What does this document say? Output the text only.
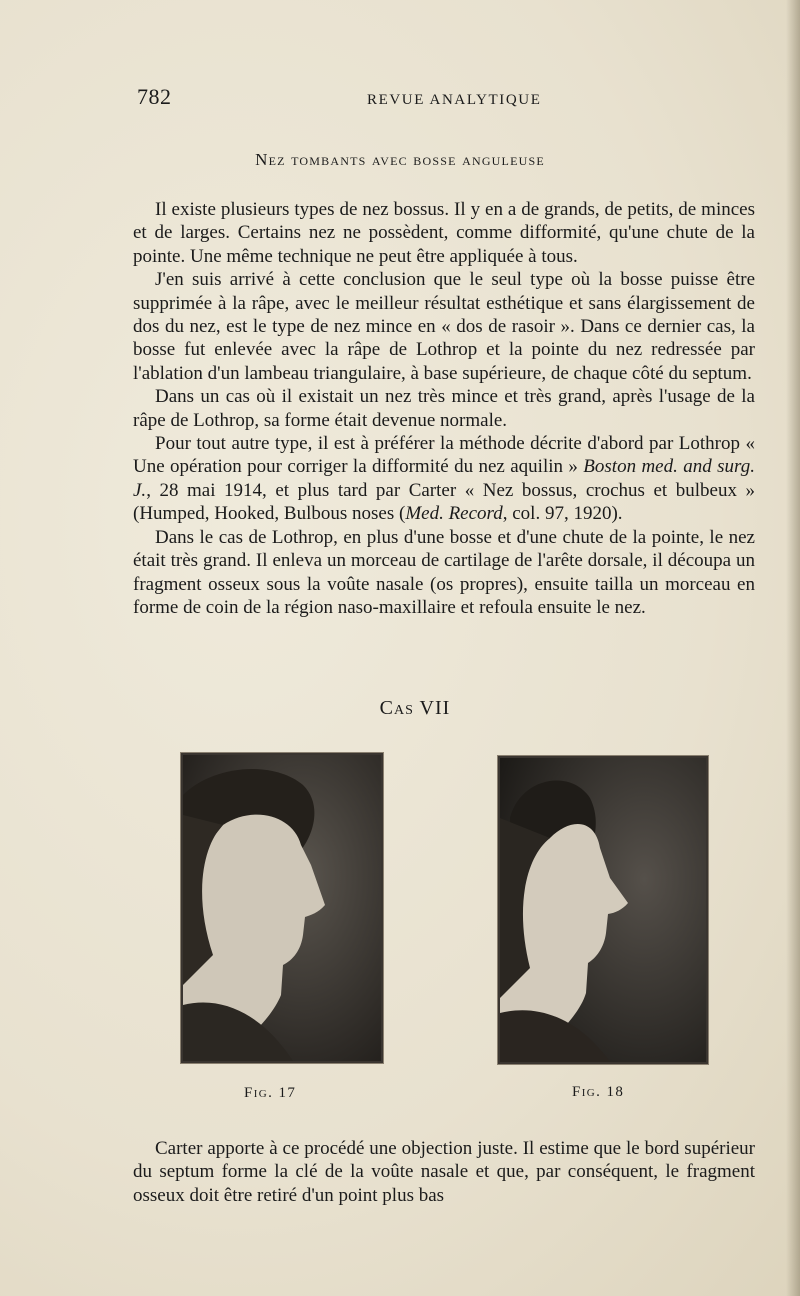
782	REVUE ANALYTIQUE
Nez tombants avec bosse anguleuse

Il existe plusieurs types de nez bossus. Il y en a de grands, de petits, de minces et de larges. Certains nez ne possèdent, comme difformité, qu'une chute de la pointe. Une même technique ne peut être appliquée à tous.

J'en suis arrivé à cette conclusion que le seul type où la bosse puisse être supprimée à la râpe, avec le meilleur résultat esthétique et sans élargissement de dos du nez, est le type de nez mince en « dos de rasoir ». Dans ce dernier cas, la bosse fut enlevée avec la râpe de Lothrop et la pointe du nez redressée par l'ablation d'un lambeau triangulaire, à base supérieure, de chaque côté du septum.

Dans un cas où il existait un nez très mince et très grand, après l'usage de la râpe de Lothrop, sa forme était devenue normale.

Pour tout autre type, il est à préférer la méthode décrite d'abord par Lothrop « Une opération pour corriger la difformité du nez aquilin » Boston med. and surg. J., 28 mai 1914, et plus tard par Carter « Nez bossus, crochus et bulbeux » (Humped, Hooked, Bulbous noses (Med. Record, col. 97, 1920).

Dans le cas de Lothrop, en plus d'une bosse et d'une chute de la pointe, le nez était très grand. Il enleva un morceau de cartilage de l'arête dorsale, il découpa un fragment osseux sous la voûte nasale (os propres), ensuite tailla un morceau en forme de coin de la région naso-maxillaire et refoula ensuite le nez.

Cas VII
Fig. 17	Fig. 18

Carter apporte à ce procédé une objection juste. Il estime que le bord supérieur du septum forme la clé de la voûte nasale et que, par conséquent, le fragment osseux doit être retiré d'un point plus bas
